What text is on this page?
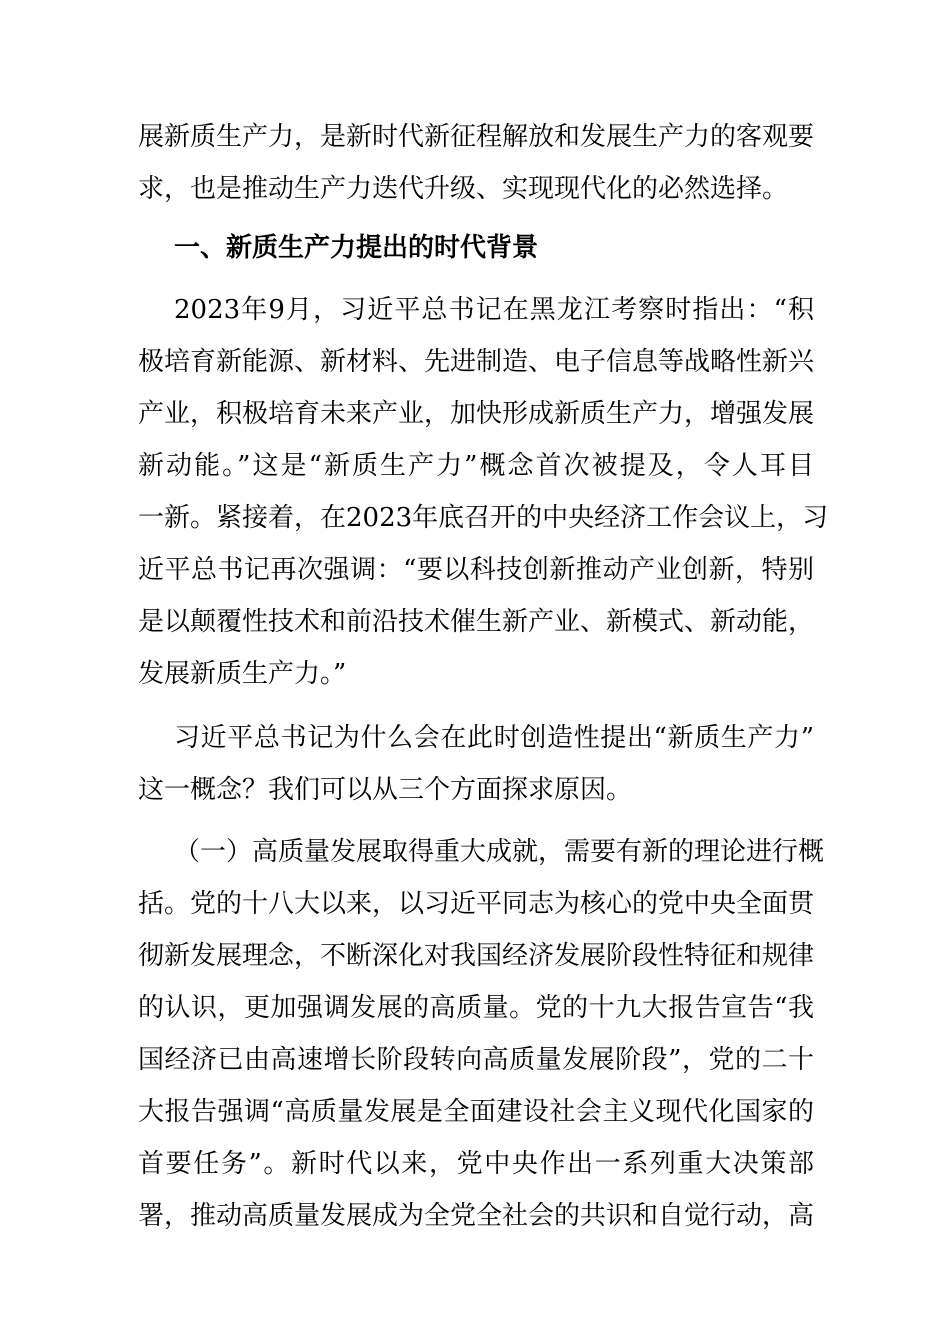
展新质生产力，是新时代新征程解放和发展生产力的客观要
求，也是推动生产力迭代升级、实现现代化的必然选择。
一、新质生产力提出的时代背景
2023年9月，习近平总书记在黑龙江考察时指出：“积
极培育新能源、新材料、先进制造、电子信息等战略性新兴
产业，积极培育未来产业，加快形成新质生产力，增强发展
新动能。”这是“新质生产力”概念首次被提及，令人耳目
一新。紧接着，在2023年底召开的中央经济工作会议上，习
近平总书记再次强调：“要以科技创新推动产业创新，特别
是以颠覆性技术和前沿技术催生新产业、新模式、新动能，
发展新质生产力。”
习近平总书记为什么会在此时创造性提出“新质生产力”
这一概念？我们可以从三个方面探求原因。
（一）高质量发展取得重大成就，需要有新的理论进行概
括。党的十八大以来，以习近平同志为核心的党中央全面贯
彻新发展理念，不断深化对我国经济发展阶段性特征和规律
的认识，更加强调发展的高质量。党的十九大报告宣告“我
国经济已由高速增长阶段转向高质量发展阶段”，党的二十
大报告强调“高质量发展是全面建设社会主义现代化国家的
首要任务”。新时代以来，党中央作出一系列重大决策部
署，推动高质量发展成为全党全社会的共识和自觉行动，高
